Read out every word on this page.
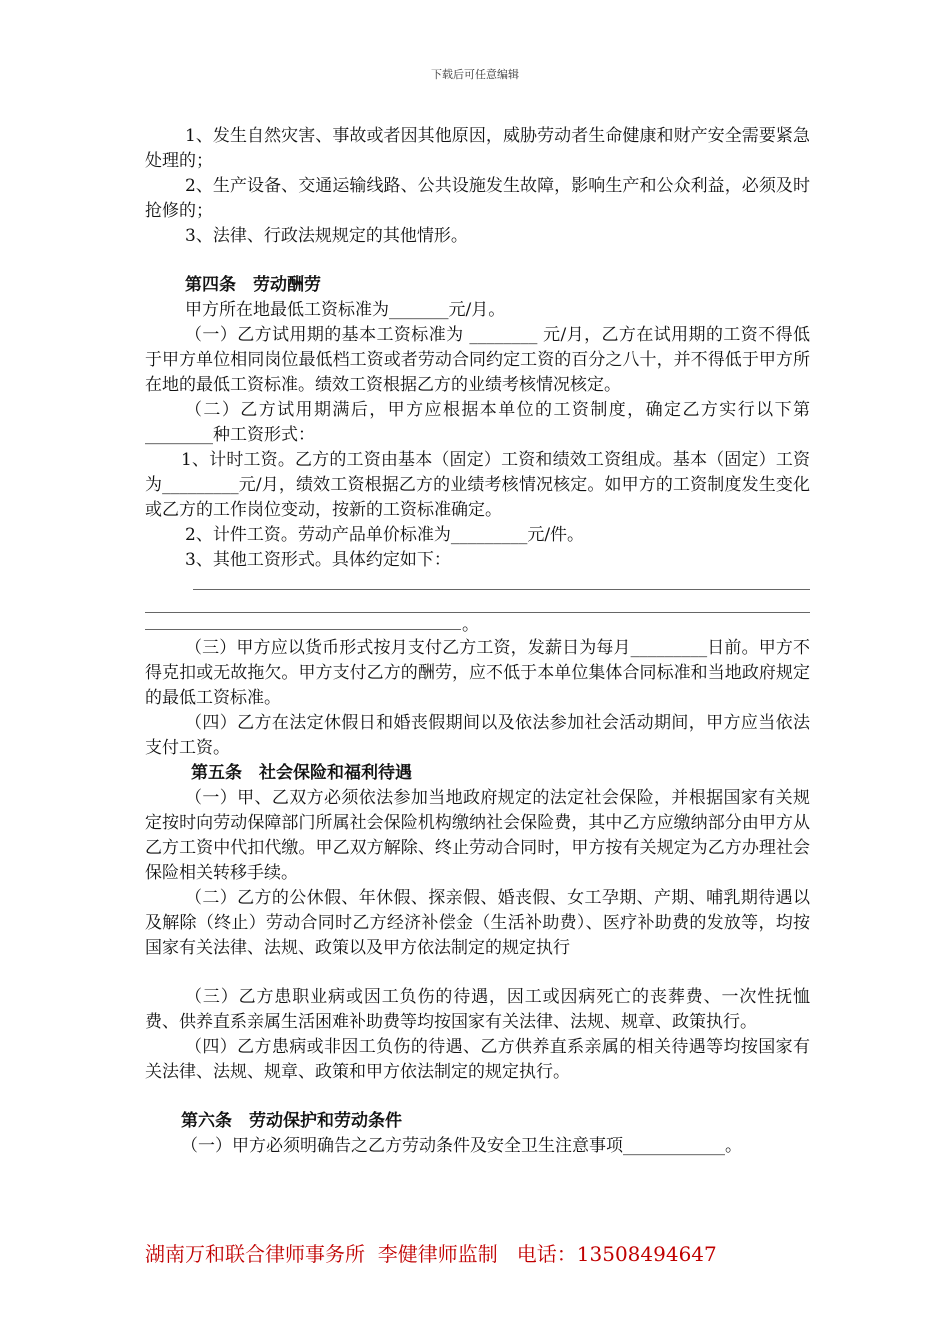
下载后可任意编辑

1、发生自然灾害、事故或者因其他原因，威胁劳动者生命健康和财产安全需要紧急处理的；

2、生产设备、交通运输线路、公共设施发生故障，影响生产和公众利益，必须及时抢修的；

3、法律、行政法规规定的其他情形。

第四条　劳动酬劳

甲方所在地最低工资标准为_______元/月。

（一）乙方试用期的基本工资标准为 ________ 元/月，乙方在试用期的工资不得低于甲方单位相同岗位最低档工资或者劳动合同约定工资的百分之八十，并不得低于甲方所在地的最低工资标准。绩效工资根据乙方的业绩考核情况核定。

（二）乙方试用期满后，甲方应根据本单位的工资制度，确定乙方实行以下第________种工资形式：

1、计时工资。乙方的工资由基本（固定）工资和绩效工资组成。基本（固定）工资为_________元/月，绩效工资根据乙方的业绩考核情况核定。如甲方的工资制度发生变化或乙方的工作岗位变动，按新的工资标准确定。

2、计件工资。劳动产品单价标准为_________元/件。

3、其他工资形式。具体约定如下：

。

（三）甲方应以货币形式按月支付乙方工资，发薪日为每月_________日前。甲方不得克扣或无故拖欠。甲方支付乙方的酬劳，应不低于本单位集体合同标准和当地政府规定的最低工资标准。

（四）乙方在法定休假日和婚丧假期间以及依法参加社会活动期间，甲方应当依法支付工资。

第五条　社会保险和福利待遇

（一）甲、乙双方必须依法参加当地政府规定的法定社会保险，并根据国家有关规定按时向劳动保障部门所属社会保险机构缴纳社会保险费，其中乙方应缴纳部分由甲方从乙方工资中代扣代缴。甲乙双方解除、终止劳动合同时，甲方按有关规定为乙方办理社会保险相关转移手续。

（二）乙方的公休假、年休假、探亲假、婚丧假、女工孕期、产期、哺乳期待遇以及解除（终止）劳动合同时乙方经济补偿金（生活补助费）、医疗补助费的发放等，均按国家有关法律、法规、政策以及甲方依法制定的规定执行

（三）乙方患职业病或因工负伤的待遇，因工或因病死亡的丧葬费、一次性抚恤费、供养直系亲属生活困难补助费等均按国家有关法律、法规、规章、政策执行。

（四）乙方患病或非因工负伤的待遇、乙方供养直系亲属的相关待遇等均按国家有关法律、法规、规章、政策和甲方依法制定的规定执行。

第六条　劳动保护和劳动条件

（一）甲方必须明确告之乙方劳动条件及安全卫生注意事项____________。

湖南万和联合律师事务所  李健律师监制   电话：13508494647
